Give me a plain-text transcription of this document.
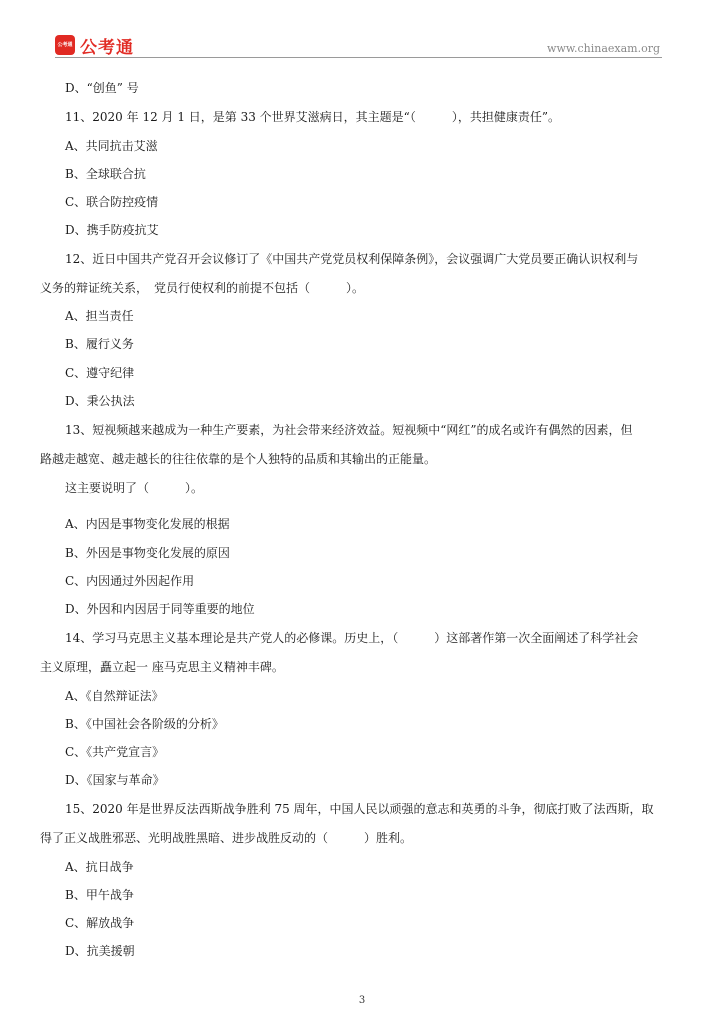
公考通 公考通	www.chinaexam.org
D、“创鱼” 号
11、2020 年 12 月 1 日，是第 33 个世界艾滋病日，其主题是“（　　　），共担健康责任”。
A、共同抗击艾滋
B、全球联合抗
C、联合防控疫情
D、携手防疫抗艾
12、近日中国共产党召开会议修订了《中国共产党党员权利保障条例》，会议强调广大党员要正确认识权利与
义务的辩证统关系，　党员行使权利的前提不包括（　　　）。
A、担当责任
B、履行义务
C、遵守纪律
D、秉公执法
13、短视频越来越成为一种生产要素，为社会带来经济效益。短视频中“网红”的成名或许有偶然的因素，但
路越走越宽、越走越长的往往依靠的是个人独特的品质和其输出的正能量。
这主要说明了（　　　）。
A、内因是事物变化发展的根据
B、外因是事物变化发展的原因
C、内因通过外因起作用
D、外因和内因居于同等重要的地位
14、学习马克思主义基本理论是共产党人的必修课。历史上，（　　　）这部著作第一次全面阐述了科学社会
主义原理，矗立起一 座马克思主义精神丰碑。
A、《自然辩证法》
B、《中国社会各阶级的分析》
C、《共产党宣言》
D、《国家与革命》
15、2020 年是世界反法西斯战争胜利 75 周年，中国人民以顽强的意志和英勇的斗争，彻底打败了法西斯，取
得了正义战胜邪恶、光明战胜黑暗、进步战胜反动的（　　　）胜利。
A、抗日战争
B、甲午战争
C、解放战争
D、抗美援朝
3
